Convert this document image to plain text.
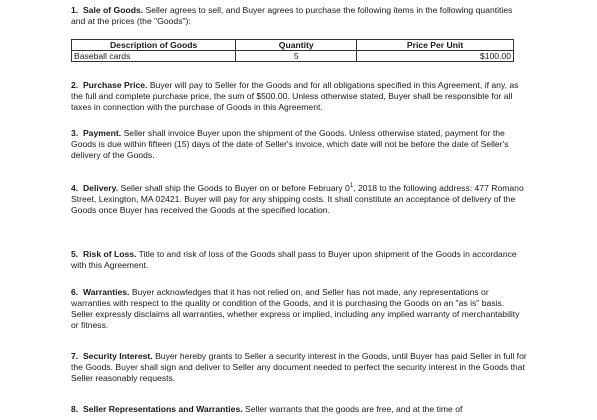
1. Sale of Goods. Seller agrees to sell, and Buyer agrees to purchase the following items in the following quantities and at the prices (the "Goods"):

Description of Goods	Quantity	Price Per Unit
Baseball cards	5	$100.00

2. Purchase Price. Buyer will pay to Seller for the Goods and for all obligations specified in this Agreement, if any, as the full and complete purchase price, the sum of $500.00. Unless otherwise stated, Buyer shall be responsible for all taxes in connection with the purchase of Goods in this Agreement.

3. Payment. Seller shall invoice Buyer upon the shipment of the Goods. Unless otherwise stated, payment for the Goods is due within fifteen (15) days of the date of Seller's invoice, which date will not be before the date of Seller's delivery of the Goods.

4. Delivery. Seller shall ship the Goods to Buyer on or before February $0^1$, 2018 to the following address: 477 Romano Street, Lexington, MA 02421. Buyer will pay for any shipping costs. It shall constitute an acceptance of delivery of the Goods once Buyer has received the Goods at the specified location.

5. Risk of Loss. Title to and risk of loss of the Goods shall pass to Buyer upon shipment of the Goods in accordance with this Agreement.

6. Warranties. Buyer acknowledges that it has not relied on, and Seller has not made, any representations or warranties with respect to the quality or condition of the Goods, and it is purchasing the Goods on an "as is" basis. Seller expressly disclaims all warranties, whether express or implied, including any implied warranty of merchantability or fitness.

7. Security Interest. Buyer hereby grants to Seller a security interest in the Goods, until Buyer has paid Seller in full for the Goods. Buyer shall sign and deliver to Seller any document needed to perfect the security interest in the Goods that Seller reasonably requests.

8. Seller Representations and Warranties. Seller warrants that the goods are free, and at the time of
